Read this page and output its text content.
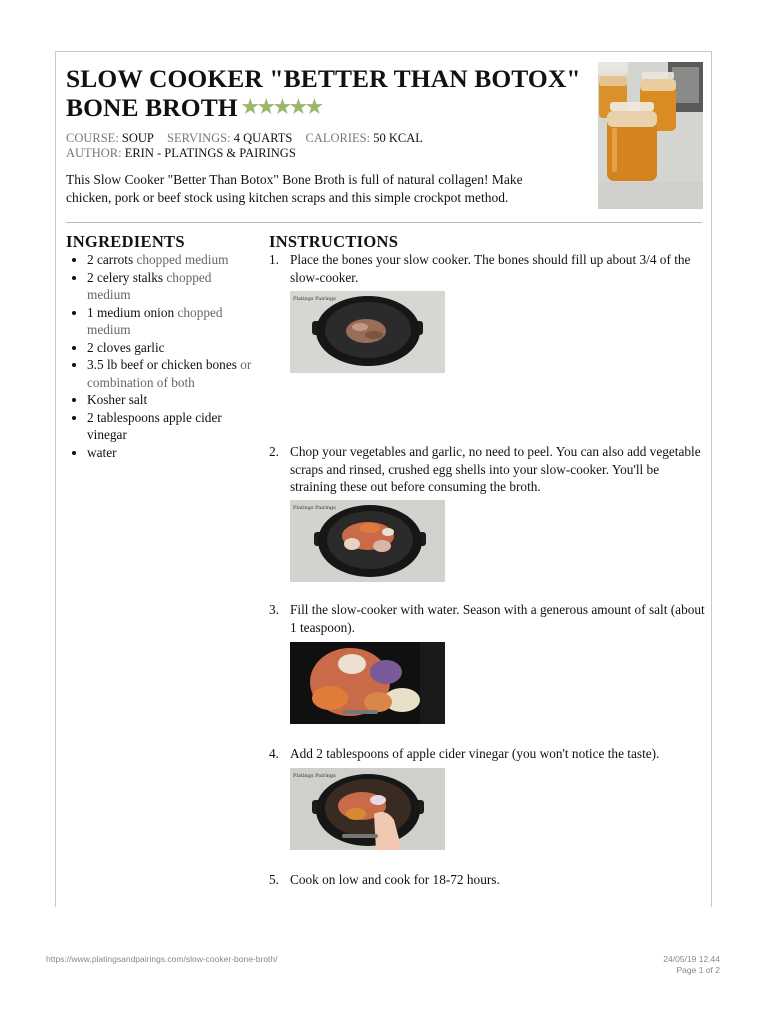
SLOW COOKER "BETTER THAN BOTOX" BONE BROTH ★★★★★
COURSE: SOUP SERVINGS: 4 QUARTS CALORIES: 50 KCAL
AUTHOR: ERIN - PLATINGS & PAIRINGS
This Slow Cooker "Better Than Botox" Bone Broth is full of natural collagen! Make chicken, pork or beef stock using kitchen scraps and this simple crockpot method.
INGREDIENTS	INSTRUCTIONS
• 2 carrots chopped medium
• 2 celery stalks chopped medium
• 1 medium onion chopped medium
• 2 cloves garlic
• 3.5 lb beef or chicken bones or combination of both
• Kosher salt
• 2 tablespoons apple cider vinegar
• water
1. Place the bones your slow cooker. The bones should fill up about 3/4 of the slow-cooker.
Platings Pairings
2. Chop your vegetables and garlic, no need to peel. You can also add vegetable scraps and rinsed, crushed egg shells into your slow-cooker. You'll be straining these out before consuming the broth.
Platings Pairings
3. Fill the slow-cooker with water. Season with a generous amount of salt (about 1 teaspoon).
4. Add 2 tablespoons of apple cider vinegar (you won't notice the taste).
Platings Pairings
5. Cook on low and cook for 18-72 hours.
https://www.platingsandpairings.com/slow-cooker-bone-broth/	24/05/19 12.44
Page 1 of 2
